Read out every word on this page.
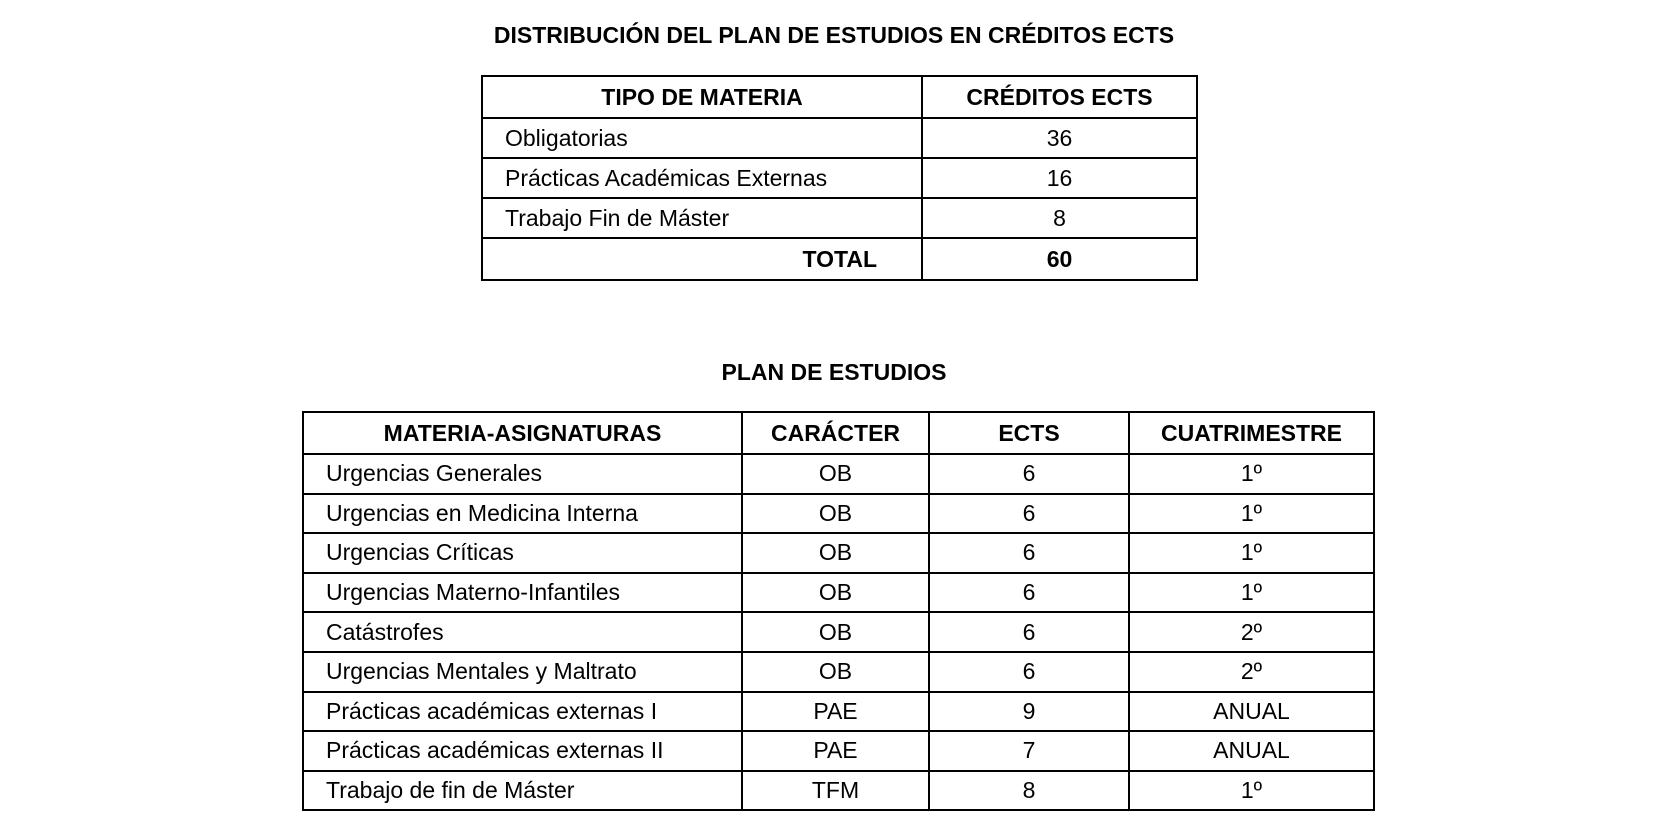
DISTRIBUCIÓN DEL PLAN DE ESTUDIOS EN CRÉDITOS ECTS
TIPO DE MATERIA	CRÉDITOS ECTS
Obligatorias	36
Prácticas Académicas Externas	16
Trabajo Fin de Máster	8
TOTAL	60
PLAN DE ESTUDIOS
MATERIA-ASIGNATURAS	CARÁCTER	ECTS	CUATRIMESTRE
Urgencias Generales	OB	6	1º
Urgencias en Medicina Interna	OB	6	1º
Urgencias Críticas	OB	6	1º
Urgencias Materno-Infantiles	OB	6	1º
Catástrofes	OB	6	2º
Urgencias Mentales y Maltrato	OB	6	2º
Prácticas académicas externas I	PAE	9	ANUAL
Prácticas académicas externas II	PAE	7	ANUAL
Trabajo de fin de Máster	TFM	8	1º
